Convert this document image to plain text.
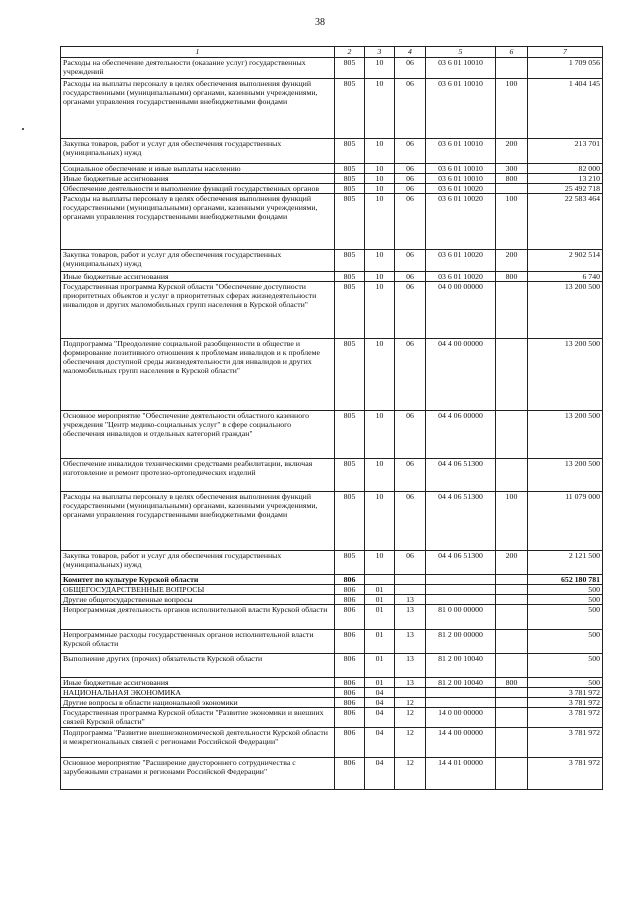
38
1	2	3	4	5	6	7
Расходы на обеспечение деятельности (оказание услуг) государственных учреждений	805	10	06	03 6 01 10010		1 709 056
Расходы на выплаты персоналу в целях обеспечения выполнения функций государственными (муниципальными) органами, казенными учреждениями, органами управления государственными внебюджетными фондами	805	10	06	03 6 01 10010	100	1 404 145
Закупка товаров, работ и услуг для обеспечения государственных (муниципальных) нужд	805	10	06	03 6 01 10010	200	213 701
Социальное обеспечение и иные выплаты населению	805	10	06	03 6 01 10010	300	82 000
Иные бюджетные ассигнования	805	10	06	03 6 01 10010	800	13 210
Обеспечение деятельности и выполнение функций государственных органов	805	10	06	03 6 01 10020		25 492 718
Расходы на выплаты персоналу в целях обеспечения выполнения функций государственными (муниципальными) органами, казенными учреждениями, органами управления государственными внебюджетными фондами	805	10	06	03 6 01 10020	100	22 583 464
Закупка товаров, работ и услуг для обеспечения государственных (муниципальных) нужд	805	10	06	03 6 01 10020	200	2 902 514
Иные бюджетные ассигнования	805	10	06	03 6 01 10020	800	6 740
Государственная программа Курской области "Обеспечение доступности приоритетных объектов и услуг в приоритетных сферах жизнедеятельности инвалидов и других маломобильных групп населения в Курской области"	805	10	06	04 0 00 00000		13 200 500
Подпрограмма "Преодоление социальной разобщенности в обществе и формирование позитивного отношения к проблемам инвалидов и к проблеме обеспечения доступной среды жизнедеятельности для инвалидов и других маломобильных групп населения в Курской области"	805	10	06	04 4 00 00000		13 200 500
Основное мероприятие "Обеспечение деятельности областного казенного учреждения "Центр медико-социальных услуг" в сфере социального обеспечения инвалидов и отдельных категорий граждан"	805	10	06	04 4 06 00000		13 200 500
Обеспечение инвалидов техническими средствами реабилитации, включая изготовление и ремонт протезно-ортопедических изделий	805	10	06	04 4 06 51300		13 200 500
Расходы на выплаты персоналу в целях обеспечения выполнения функций государственными (муниципальными) органами, казенными учреждениями, органами управления государственными внебюджетными фондами	805	10	06	04 4 06 51300	100	11 079 000
Закупка товаров, работ и услуг для обеспечения государственных (муниципальных) нужд	805	10	06	04 4 06 51300	200	2 121 500
Комитет по культуре Курской области	806					652 180 781
ОБЩЕГОСУДАРСТВЕННЫЕ ВОПРОСЫ	806	01				500
Другие общегосударственные вопросы	806	01	13			500
Непрограммная деятельность органов исполнительной власти Курской области	806	01	13	81 0 00 00000		500
Непрограммные расходы государственных органов исполнительной власти Курской области	806	01	13	81 2 00 00000		500
Выполнение других (прочих) обязательств Курской области	806	01	13	81 2 00 10040		500
Иные бюджетные ассигнования	806	01	13	81 2 00 10040	800	500
НАЦИОНАЛЬНАЯ ЭКОНОМИКА	806	04				3 781 972
Другие вопросы в области национальной экономики	806	04	12			3 781 972
Государственная программа Курской области "Развитие экономики и внешних связей Курской области"	806	04	12	14 0 00 00000		3 781 972
Подпрограмма "Развитие внешнеэкономической деятельности Курской области и межрегиональных связей с регионами Российской Федерации"	806	04	12	14 4 00 00000		3 781 972
Основное мероприятие "Расширение двустороннего сотрудничества с зарубежными странами и регионами Российской Федерации"	806	04	12	14 4 01 00000		3 781 972
